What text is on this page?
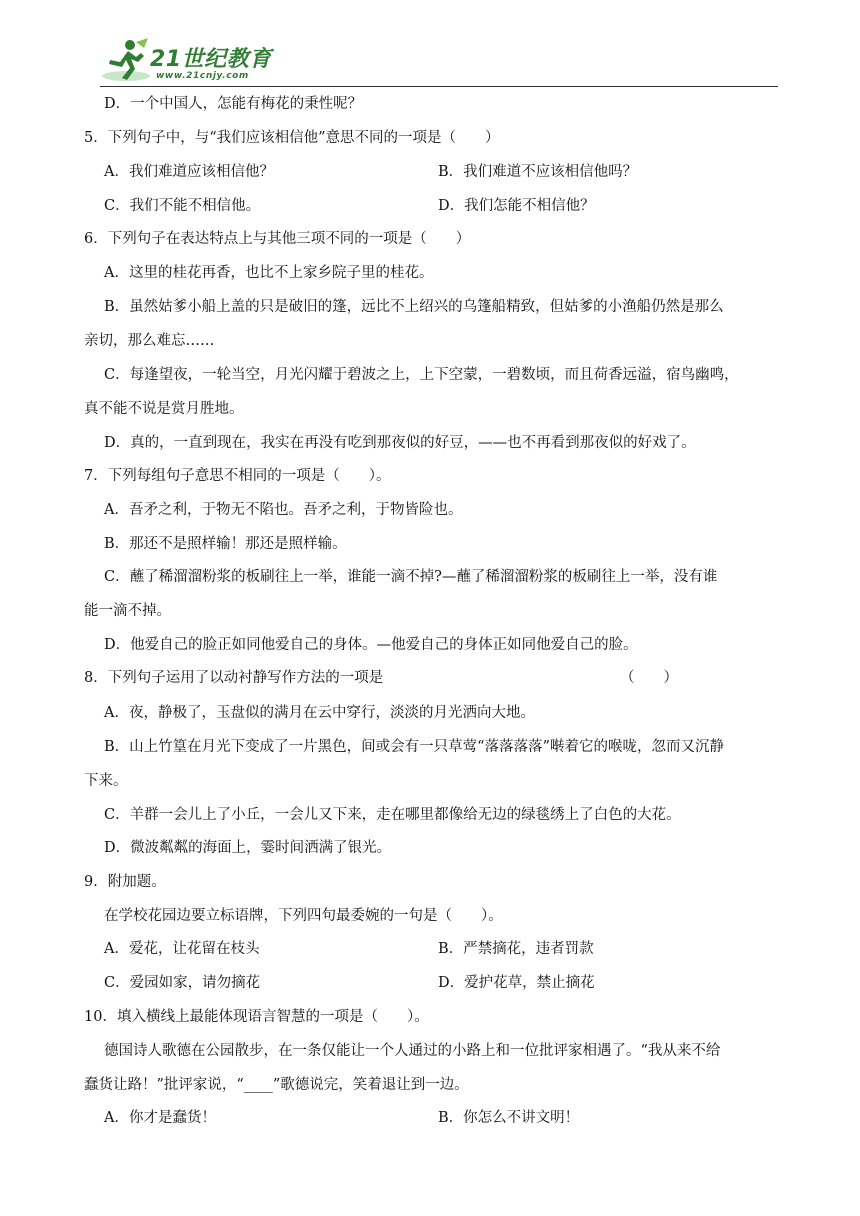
21世纪教育
www.21cnjy.com
D．一个中国人，怎能有梅花的秉性呢？
5．下列句子中，与“我们应该相信他”意思不同的一项是（　　）
A．我们难道应该相信他？	B．我们难道不应该相信他吗？
C．我们不能不相信他。	D．我们怎能不相信他？
6．下列句子在表达特点上与其他三项不同的一项是（　　）
A．这里的桂花再香，也比不上家乡院子里的桂花。
B．虽然姑爹小船上盖的只是破旧的篷，远比不上绍兴的乌篷船精致，但姑爹的小渔船仍然是那么
亲切，那么难忘……
C．每逢望夜，一轮当空，月光闪耀于碧波之上，上下空蒙，一碧数顷，而且荷香远溢，宿鸟幽鸣，
真不能不说是赏月胜地。
D．真的，一直到现在，我实在再没有吃到那夜似的好豆，——也不再看到那夜似的好戏了。
7．下列每组句子意思不相同的一项是（　　）。
A．吾矛之利，于物无不陷也。吾矛之利，于物皆险也。
B．那还不是照样输！那还是照样输。
C．蘸了稀溜溜粉浆的板刷往上一举，谁能一滴不掉?—蘸了稀溜溜粉浆的板刷往上一举，没有谁
能一滴不掉。
D．他爱自己的脸正如同他爱自己的身体。—他爱自己的身体正如同他爱自己的脸。
8．下列句子运用了以动衬静写作方法的一项是	（　　）
A．夜，静极了，玉盘似的满月在云中穿行，淡淡的月光洒向大地。
B．山上竹篁在月光下变成了一片黑色，间或会有一只草莺“落落落落”啭着它的喉咙，忽而又沉静
下来。
C．羊群一会儿上了小丘，一会儿又下来，走在哪里都像给无边的绿毯绣上了白色的大花。
D．微波粼粼的海面上，霎时间洒满了银光。
9．附加题。
在学校花园边要立标语牌，下列四句最委婉的一句是（　　）。
A．爱花，让花留在枝头	B．严禁摘花，违者罚款
C．爱园如家，请勿摘花	D．爱护花草，禁止摘花
10．填入横线上最能体现语言智慧的一项是（　　）。
德国诗人歌德在公园散步，在一条仅能让一个人通过的小路上和一位批评家相遇了。“我从来不给
蠢货让路！”批评家说，“____”歌德说完，笑着退让到一边。
A．你才是蠢货！	B．你怎么不讲文明！
